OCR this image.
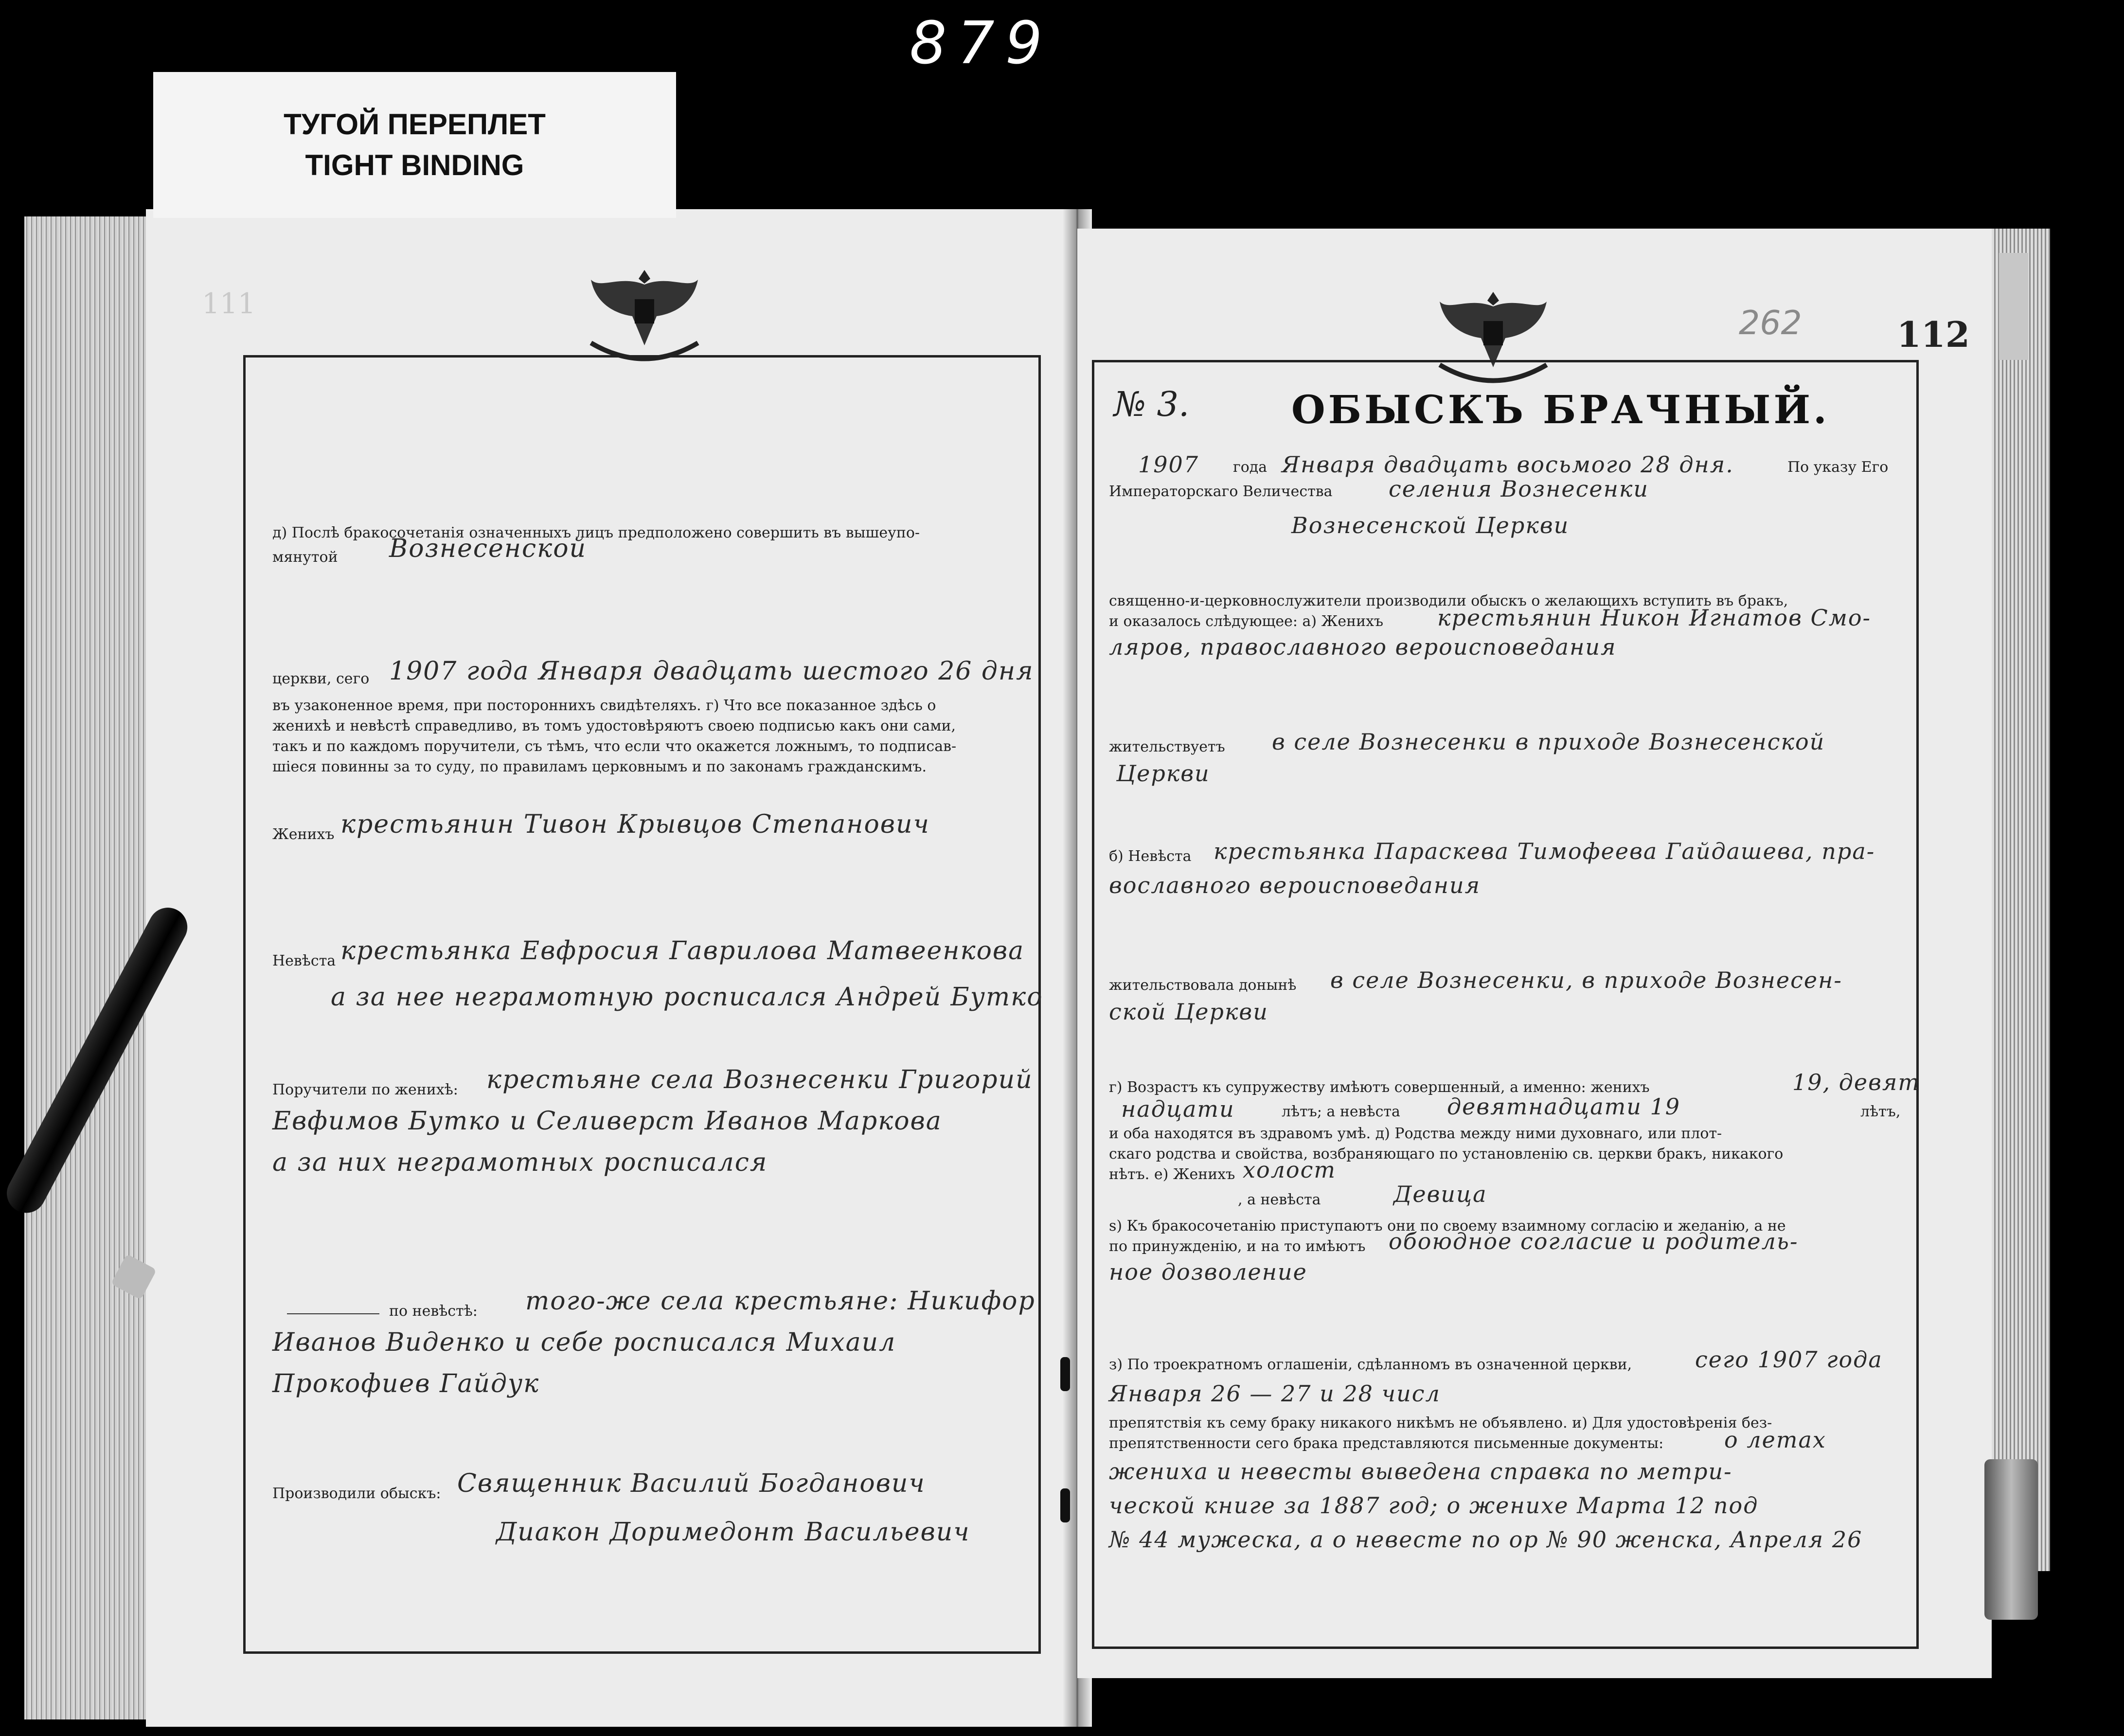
879
ТУГОЙ ПЕРЕПЛЕТ
TIGHT BINDING
111
д) Послѣ бракосочетанія означенныхъ лицъ предположено совершить въ вышеупо-
мянутой Вознесенской
церкви, сего 1907 года Января двадцать шестого 26 дня
въ узаконенное время, при постороннихъ свидѣтеляхъ. г) Что все показанное здѣсь о
женихѣ и невѣстѣ справедливо, въ томъ удостовѣряютъ своею подписью какъ они сами,
такъ и по каждомъ поручители, съ тѣмъ, что если что окажется ложнымъ, то подписав-
шіеся повинны за то суду, по правиламъ церковнымъ и по законамъ гражданскимъ.
Женихъ крестьянин Тивон Крывцов Степанович
Невѣста крестьянка Евфросия Гаврилова Матвеенкова
а за нее неграмотную росписался Андрей Бутко
Поручители по женихѣ: крестьяне села Вознесенки Григорий
Евфимов Бутко и Селиверст Иванов Маркова
а за них неграмотных росписался
по невѣстѣ: того-же села крестьяне: Никифор
Иванов Виденко и себе росписался Михаил
Прокофиев Гайдук
Производили обыскъ: Священник Василий Богданович
Диакон Доримедонт Васильевич
262	112
№ 3.	ОБЫСКЪ БРАЧНЫЙ.
1907 года Января двадцать восьмого 28 дня.	По указу Его
Императорскаго Величества	селения Вознесенки
Вознесенской Церкви
священно-и-церковнослужители производили обыскъ о желающихъ вступить въ бракъ,
и оказалось слѣдующее: а) Женихъ крестьянин Никон Игнатов Смо-
ляров, православного вероисповедания
жительствуетъ в селе Вознесенки в приходе Вознесенской
Церкви
б) Невѣста крестьянка Параскева Тимофеева Гайдашева, пра-
вославного вероисповедания
жительствовала донынѣ в селе Вознесенки, в приходе Вознесен-
ской Церкви
г) Возрастъ къ супружеству имѣютъ совершенный, а именно: женихъ	19, девят
надцати	лѣтъ; а невѣста девятнадцати 19	лѣтъ,
и оба находятся въ здравомъ умѣ. д) Родства между ними духовнаго, или плот-
скаго родства и свойства, возбраняющаго по установленію св. церкви бракъ, никакого
нѣтъ. е) Женихъ холост
, а невѣста	Девица
ѕ) Къ бракосочетанію приступаютъ они по своему взаимному согласію и желанію, а не
по принужденію, и на то имѣютъ обоюдное согласие и родитель-
ное дозволение
з) По троекратномъ оглашеніи, сдѣланномъ въ означенной церкви,	сего 1907 года
Января 26 — 27 и 28 числ
препятствія къ сему браку никакого никѣмъ не объявлено. и) Для удостовѣренія без-
препятственности сего брака представляются письменные документы:	о летах
жениха и невесты выведена справка по метри-
ческой книге за 1887 год; о женихе Марта 12 под
№ 44 мужеска, а о невесте по ор № 90 женска, Апреля 26
